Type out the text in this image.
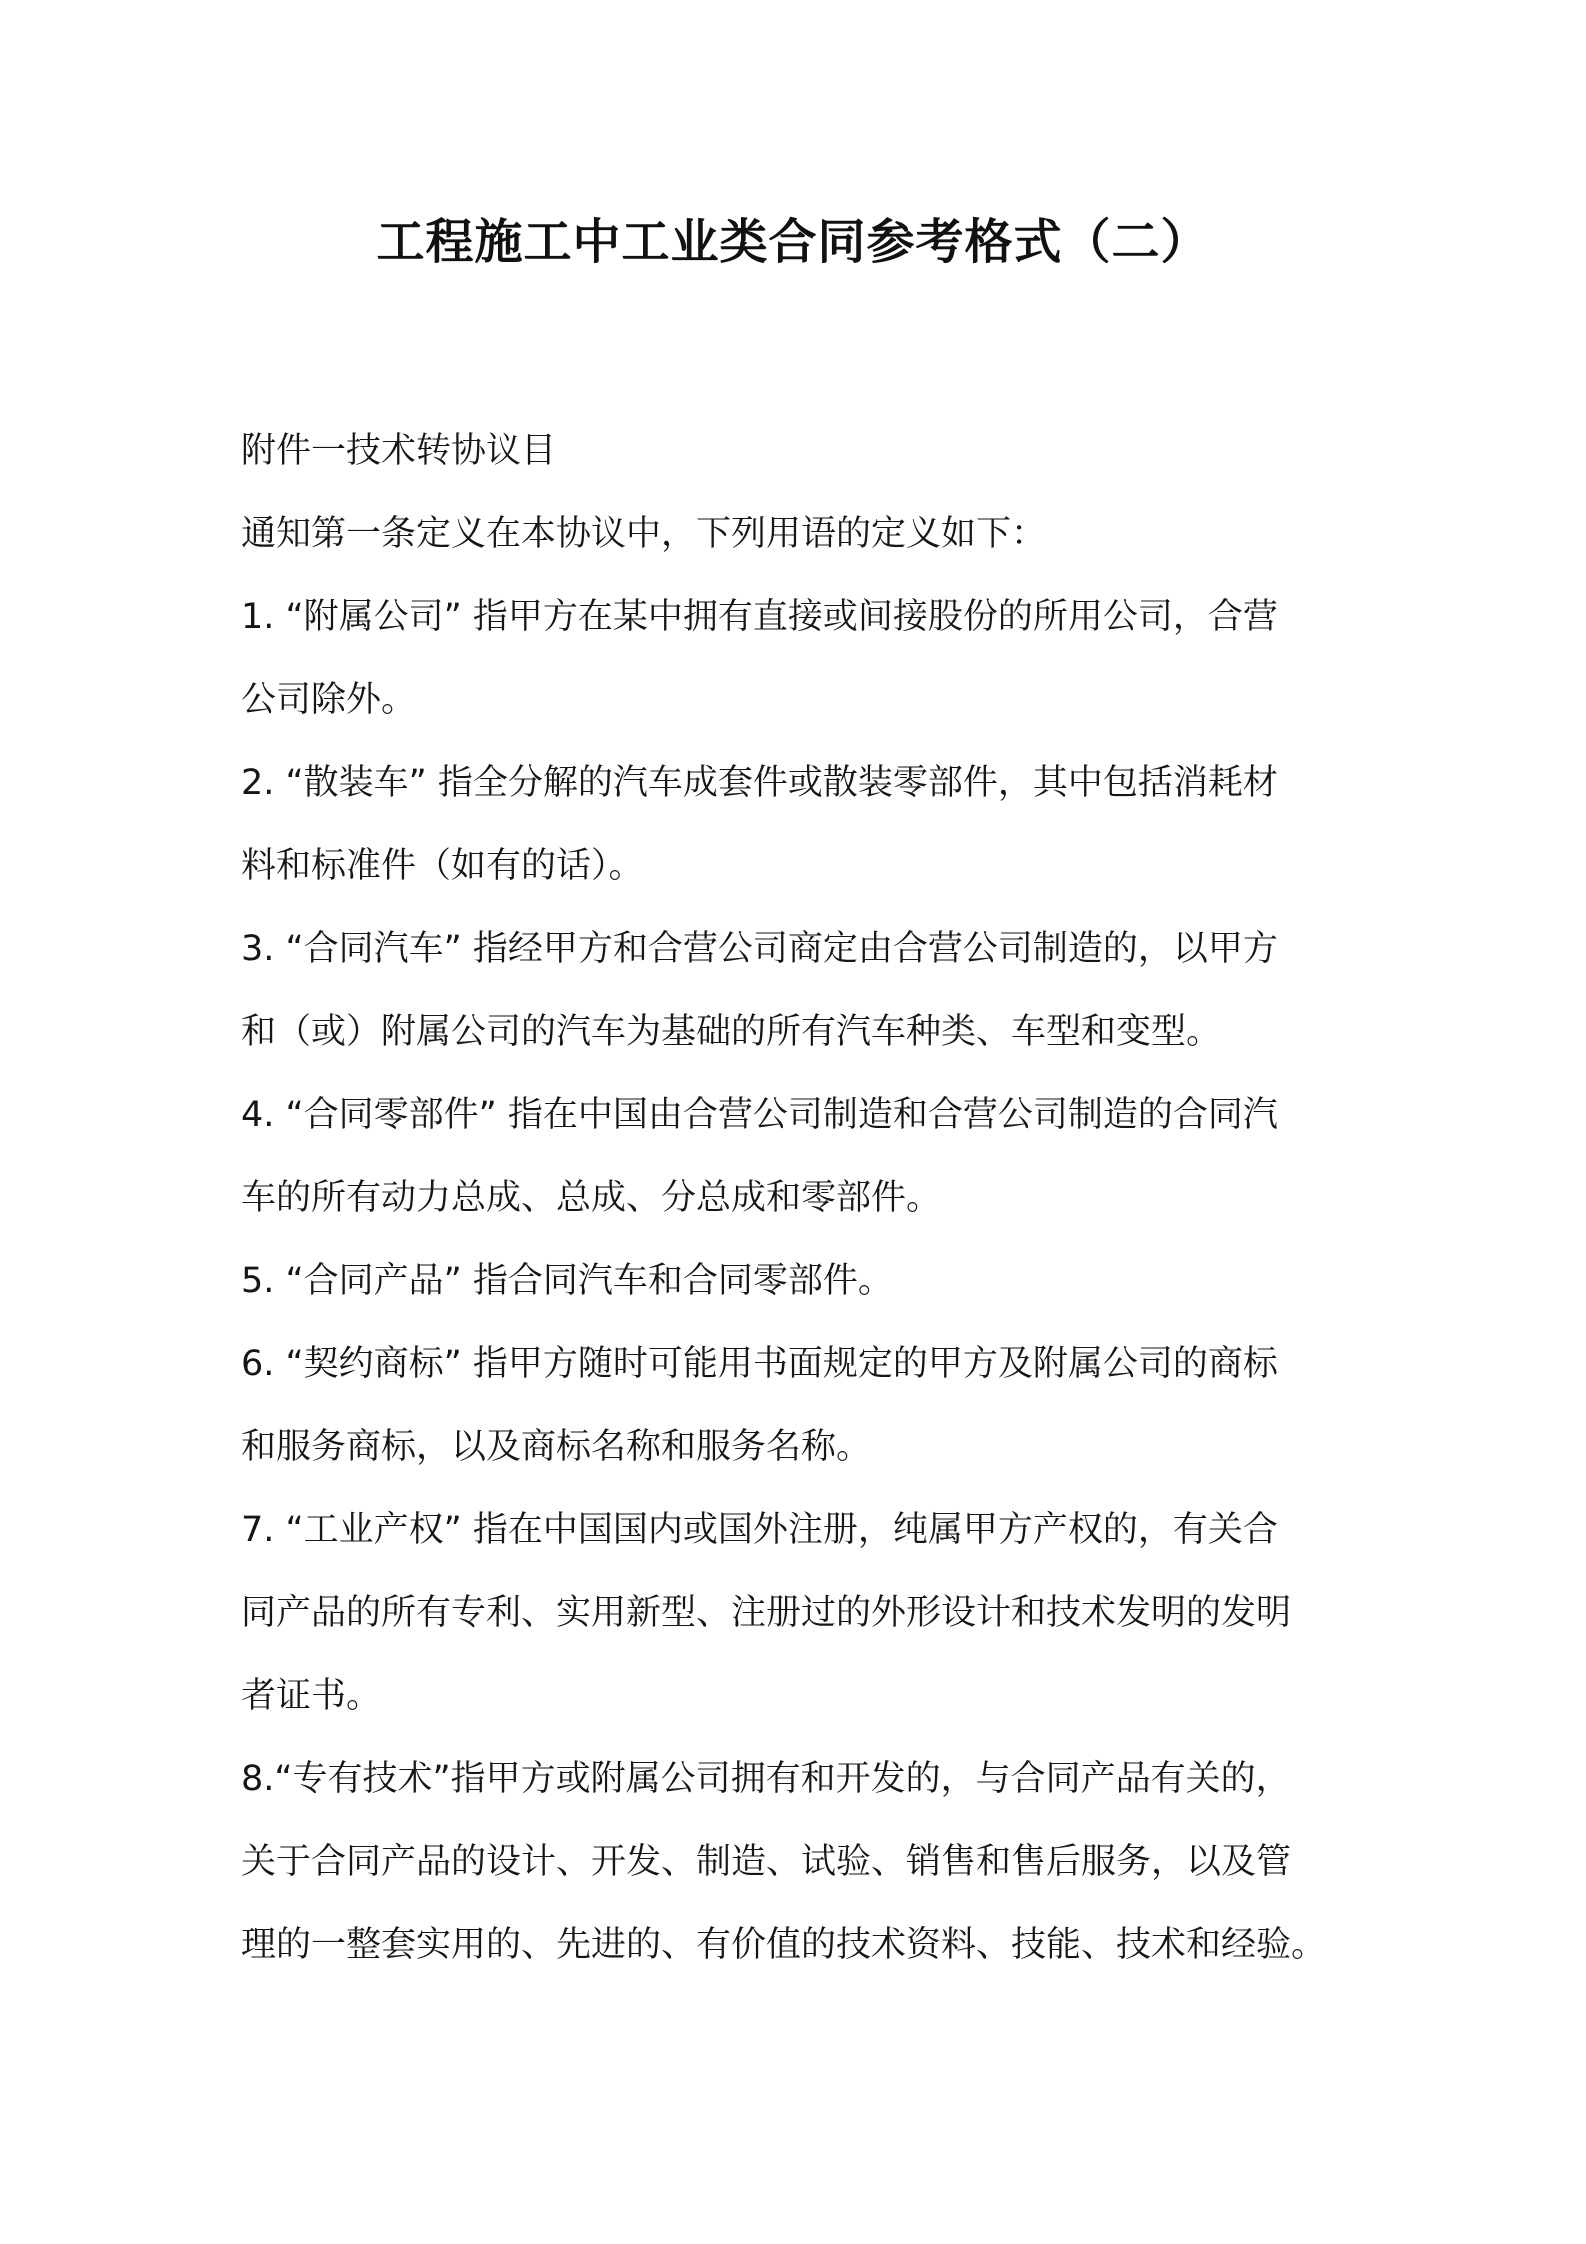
工程施工中工业类合同参考格式（二）
附件一技术转协议目
通知第一条定义在本协议中，下列用语的定义如下：
1. “附属公司” 指甲方在某中拥有直接或间接股份的所用公司，合营
公司除外。
2. “散装车” 指全分解的汽车成套件或散装零部件，其中包括消耗材
料和标准件（如有的话）。
3. “合同汽车” 指经甲方和合营公司商定由合营公司制造的，以甲方
和（或）附属公司的汽车为基础的所有汽车种类、车型和变型。
4. “合同零部件” 指在中国由合营公司制造和合营公司制造的合同汽
车的所有动力总成、总成、分总成和零部件。
5. “合同产品” 指合同汽车和合同零部件。
6. “契约商标” 指甲方随时可能用书面规定的甲方及附属公司的商标
和服务商标，以及商标名称和服务名称。
7. “工业产权” 指在中国国内或国外注册，纯属甲方产权的，有关合
同产品的所有专利、实用新型、注册过的外形设计和技术发明的发明
者证书。
8.“专有技术”指甲方或附属公司拥有和开发的，与合同产品有关的，
关于合同产品的设计、开发、制造、试验、销售和售后服务，以及管
理的一整套实用的、先进的、有价值的技术资料、技能、技术和经验。
